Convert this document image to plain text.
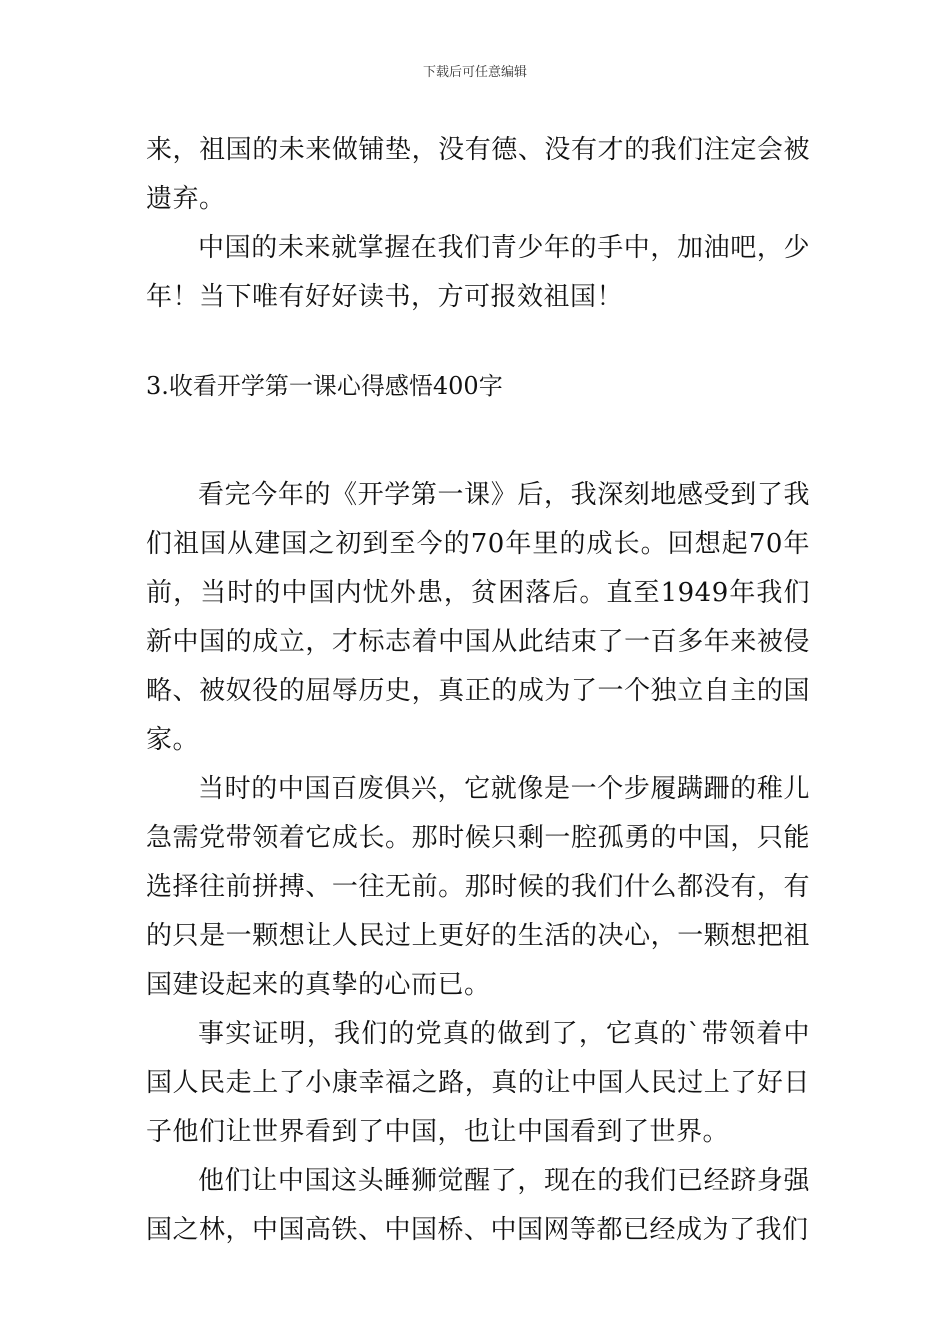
下载后可任意编辑

来，祖国的未来做铺垫，没有德、没有才的我们注定会被遗弃。

中国的未来就掌握在我们青少年的手中，加油吧，少年！当下唯有好好读书，方可报效祖国！

3.收看开学第一课心得感悟400字

看完今年的《开学第一课》后，我深刻地感受到了我们祖国从建国之初到至今的70年里的成长。回想起70年前，当时的中国内忧外患，贫困落后。直至1949年我们新中国的成立，才标志着中国从此结束了一百多年来被侵略、被奴役的屈辱历史，真正的成为了一个独立自主的国家。

当时的中国百废俱兴，它就像是一个步履蹒跚的稚儿急需党带领着它成长。那时候只剩一腔孤勇的中国，只能选择往前拼搏、一往无前。那时候的我们什么都没有，有的只是一颗想让人民过上更好的生活的决心，一颗想把祖国建设起来的真挚的心而已。

事实证明，我们的党真的做到了，它真的`带领着中国人民走上了小康幸福之路，真的让中国人民过上了好日子他们让世界看到了中国，也让中国看到了世界。

他们让中国这头睡狮觉醒了，现在的我们已经跻身强国之林，中国高铁、中国桥、中国网等都已经成为了我们
